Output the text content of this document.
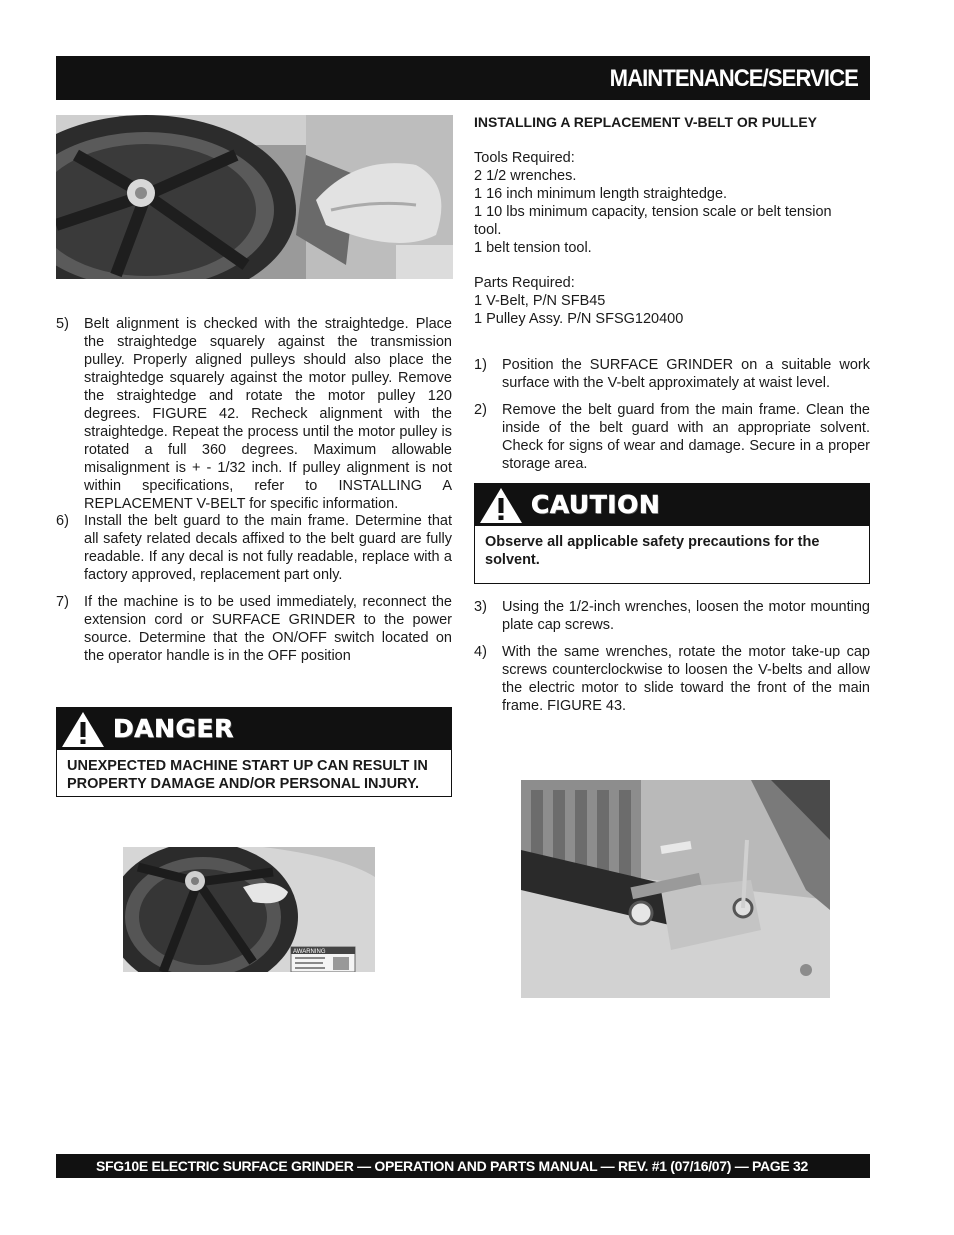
MAINTENANCE/SERVICE
INSTALLING A REPLACEMENT V-BELT OR PULLEY
Tools Required:
2 1/2 wrenches.
1 16 inch minimum length straightedge.
1 10 lbs minimum capacity, tension scale or belt tension
tool.
1 belt tension tool.
Parts Required:
1 V-Belt, P/N SFB45
1 Pulley Assy. P/N SFSG120400
1) Position the SURFACE GRINDER on a suitable work surface with the V-belt approximately at waist level.
2) Remove the belt guard from the main frame. Clean the inside of the belt guard with an appropriate solvent. Check for signs of wear and damage. Secure in a proper storage area.
CAUTION
Observe all applicable safety precautions for the solvent.
3) Using the 1/2-inch wrenches, loosen the motor mounting plate cap screws.
4) With the same wrenches, rotate the motor take-up cap screws counterclockwise to loosen the V-belts and allow the electric motor to slide toward the front of the main frame. FIGURE 43.
5) Belt alignment is checked with the straightedge. Place the straightedge squarely against the transmission pulley. Properly aligned pulleys should also place the straightedge squarely against the motor pulley. Remove the straightedge and rotate the motor pulley 120 degrees. FIGURE 42. Recheck alignment with the straightedge. Repeat the process until the motor pulley is rotated a full 360 degrees. Maximum allowable misalignment is + - 1/32 inch. If pulley alignment is not within specifications, refer to INSTALLING A REPLACEMENT V-BELT for specific information.
6) Install the belt guard to the main frame. Determine that all safety related decals affixed to the belt guard are fully readable. If any decal is not fully readable, replace with a factory approved, replacement part only.
7) If the machine is to be used immediately, reconnect the extension cord or SURFACE GRINDER to the power source. Determine that the ON/OFF switch located on the operator handle is in the OFF position
DANGER
UNEXPECTED MACHINE START UP CAN RESULT IN PROPERTY DAMAGE AND/OR PERSONAL INJURY.
AWARNING
SFG10E ELECTRIC SURFACE GRINDER — OPERATION AND PARTS MANUAL — REV. #1 (07/16/07) — PAGE 32
